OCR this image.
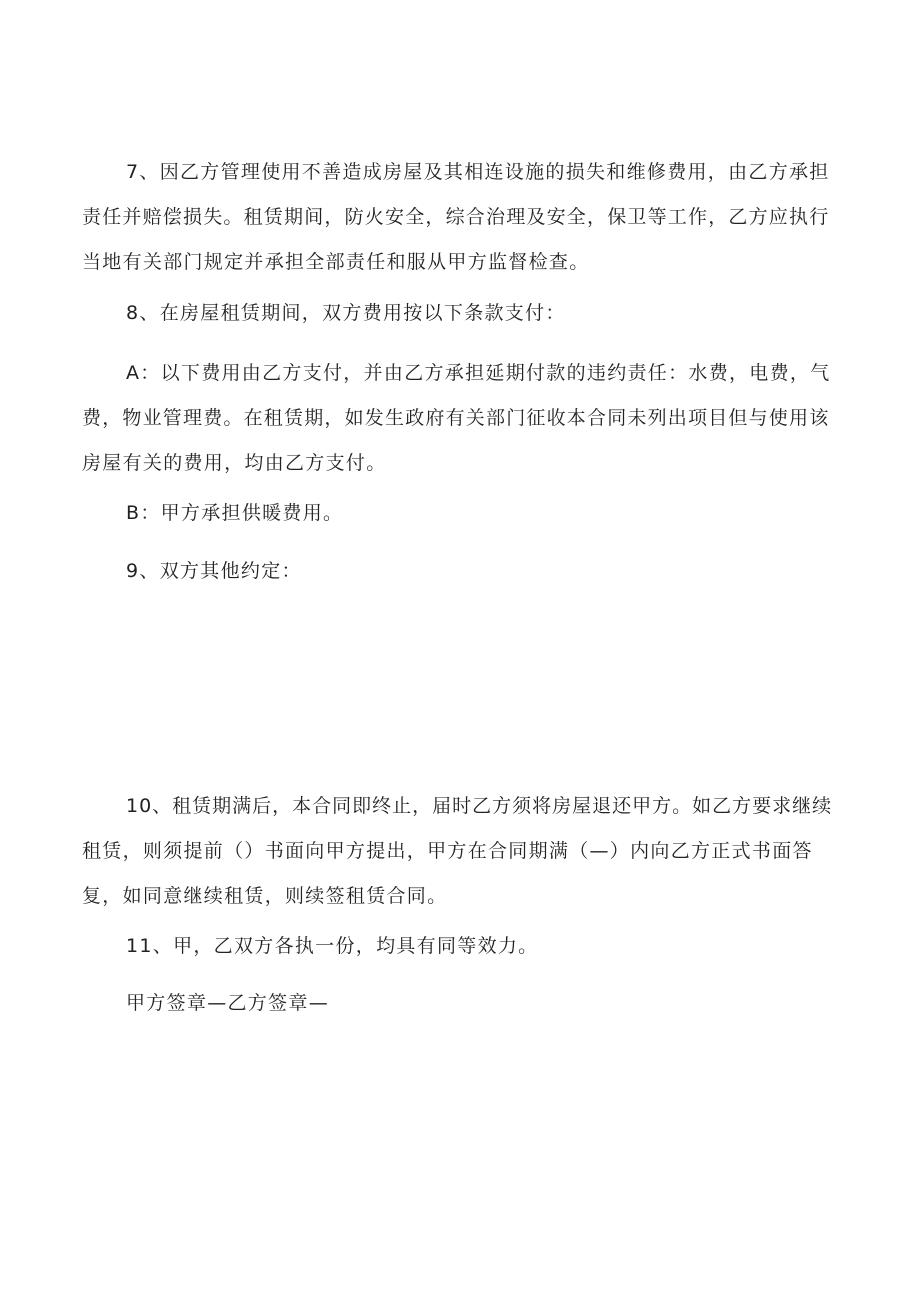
7、因乙方管理使用不善造成房屋及其相连设施的损失和维修费用，由乙方承担
责任并赔偿损失。租赁期间，防火安全，综合治理及安全，保卫等工作，乙方应执行
当地有关部门规定并承担全部责任和服从甲方监督检查。
8、在房屋租赁期间，双方费用按以下条款支付：
A：以下费用由乙方支付，并由乙方承担延期付款的违约责任：水费，电费，气
费，物业管理费。在租赁期，如发生政府有关部门征收本合同未列出项目但与使用该
房屋有关的费用，均由乙方支付。
B：甲方承担供暖费用。
9、双方其他约定：
10、租赁期满后，本合同即终止，届时乙方须将房屋退还甲方。如乙方要求继续
租赁，则须提前（）书面向甲方提出，甲方在合同期满（—）内向乙方正式书面答
复，如同意继续租赁，则续签租赁合同。
11、甲，乙双方各执一份，均具有同等效力。
甲方签章—乙方签章—
